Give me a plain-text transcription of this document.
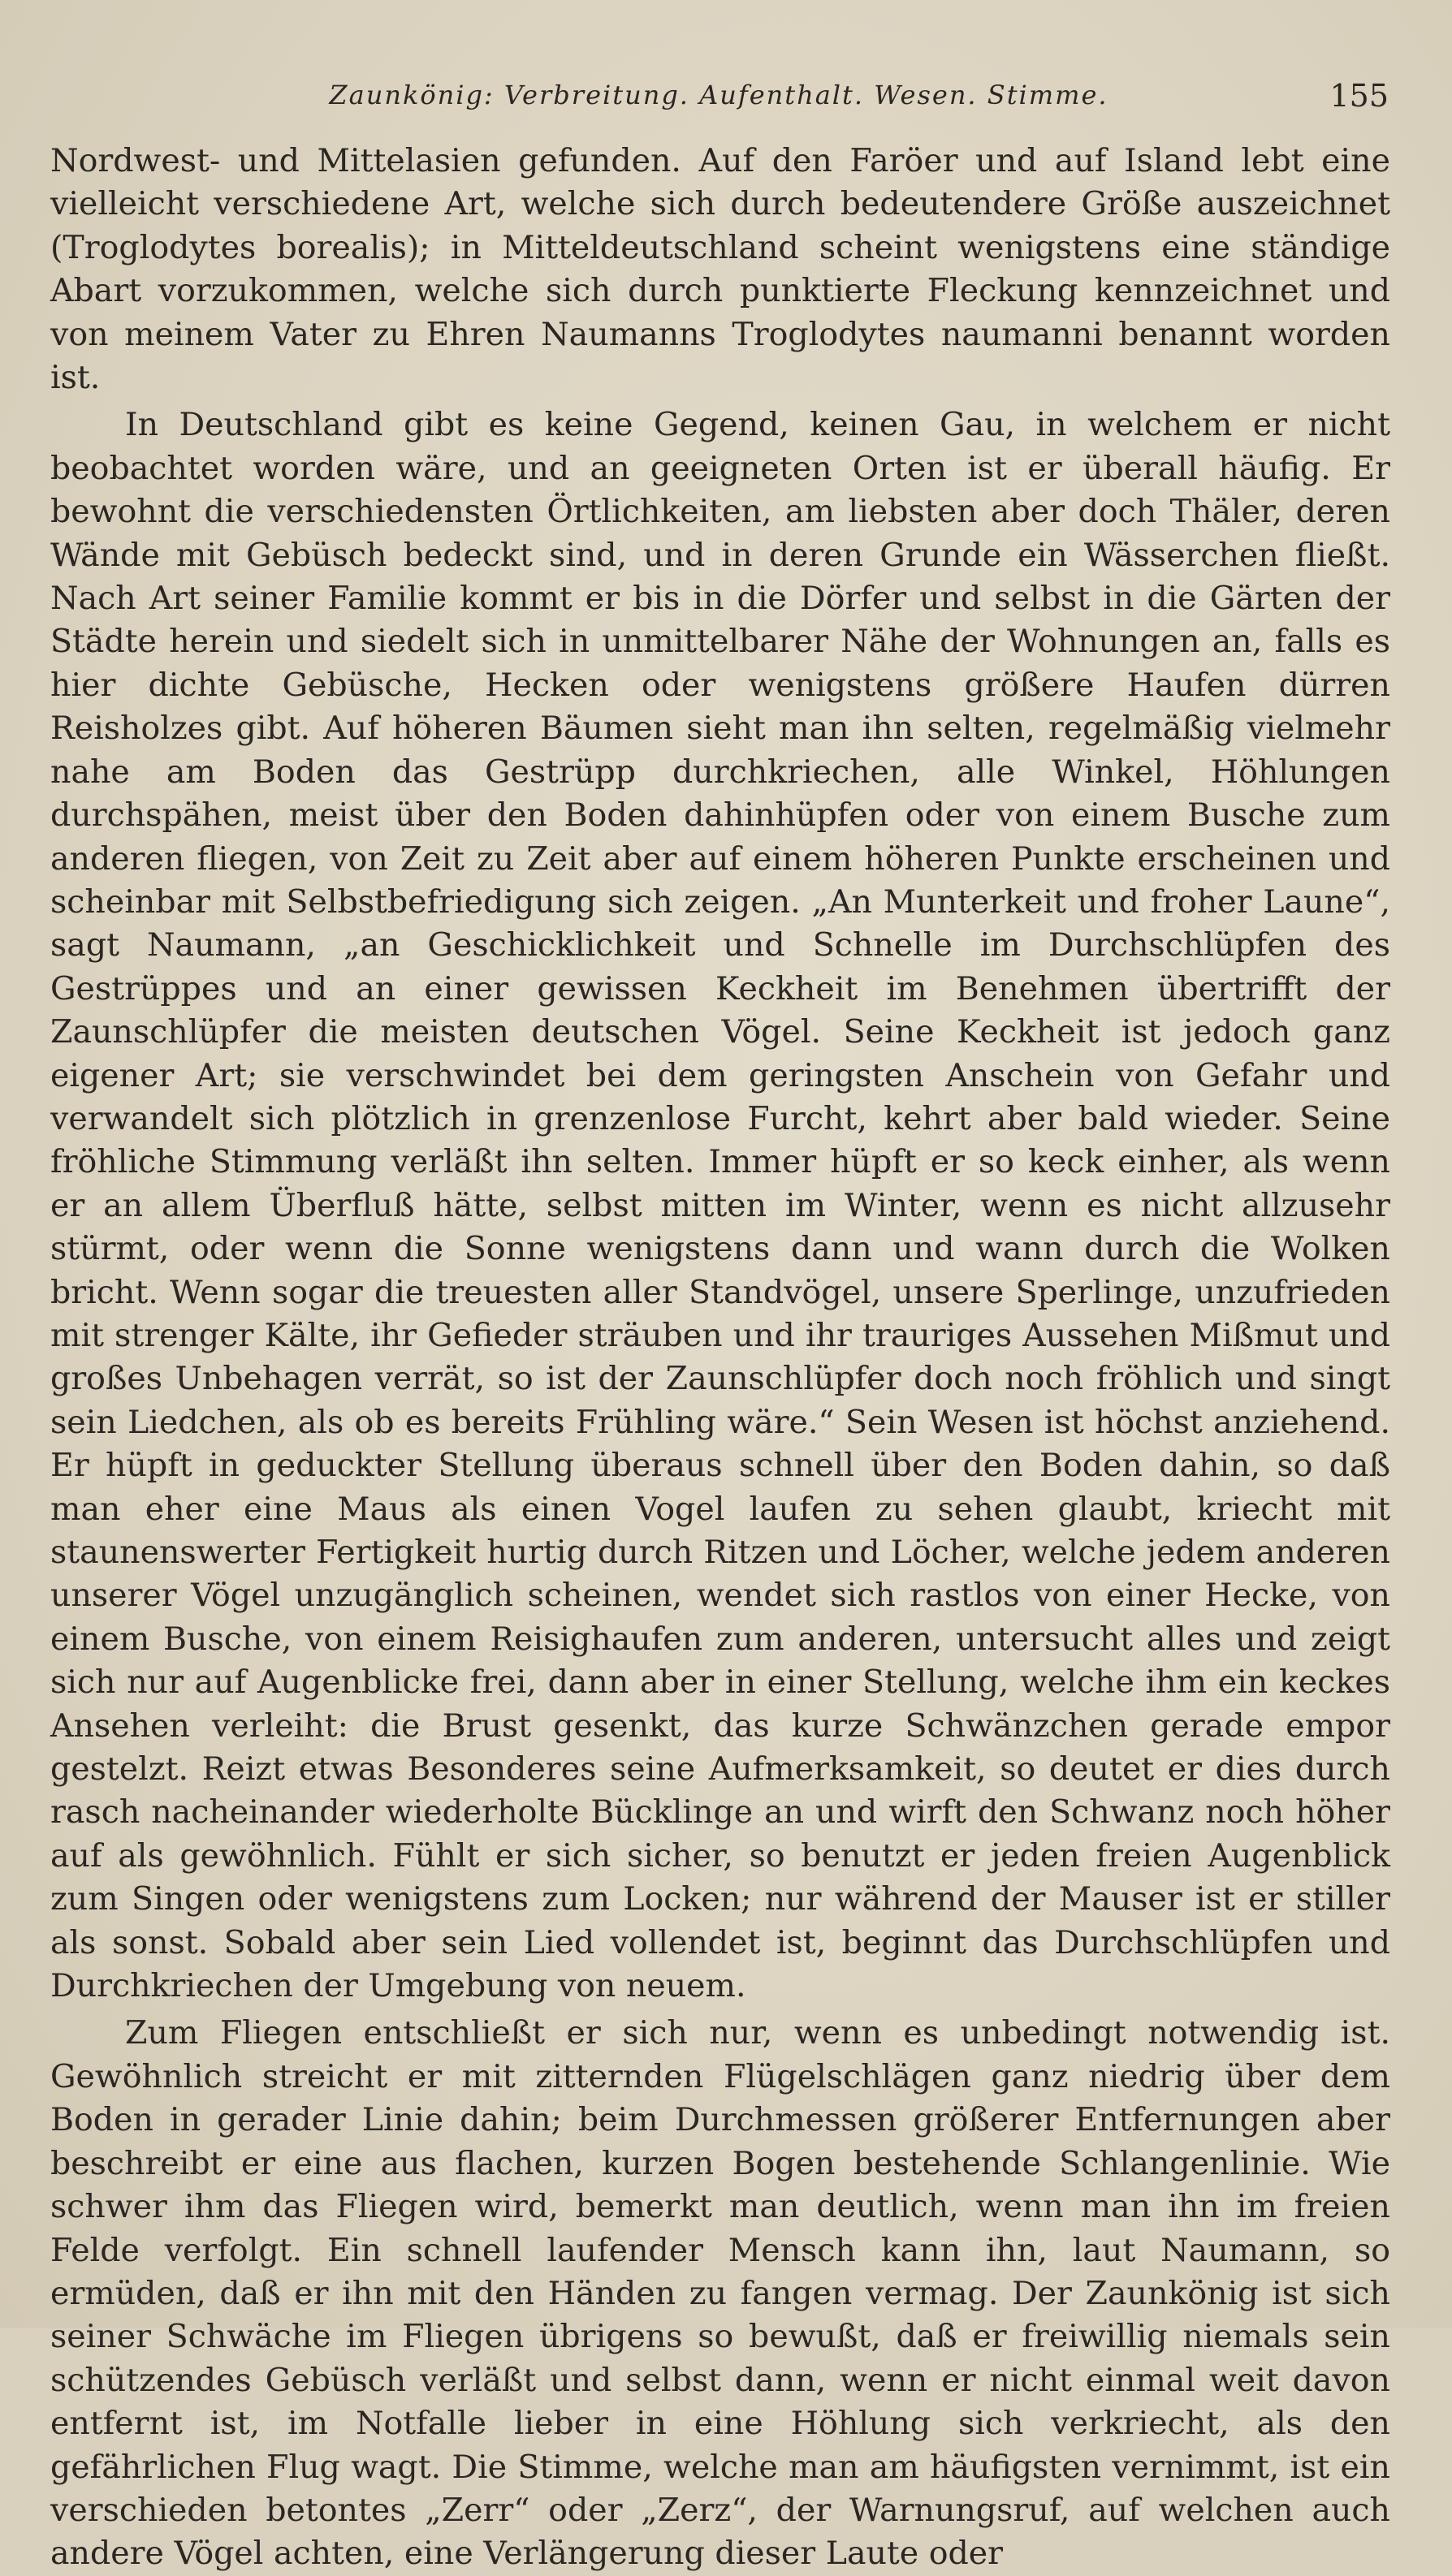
Zaunkönig: Verbreitung. Aufenthalt. Wesen. Stimme.	155

Nordwest- und Mittelasien gefunden. Auf den Faröer und auf Island lebt eine vielleicht verschiedene Art, welche sich durch bedeutendere Größe auszeichnet (Troglodytes borealis); in Mitteldeutschland scheint wenigstens eine ständige Abart vorzukommen, welche sich durch punktierte Fleckung kennzeichnet und von meinem Vater zu Ehren Naumanns Troglodytes naumanni benannt worden ist.

In Deutschland gibt es keine Gegend, keinen Gau, in welchem er nicht beobachtet worden wäre, und an geeigneten Orten ist er überall häufig. Er bewohnt die verschiedensten Örtlichkeiten, am liebsten aber doch Thäler, deren Wände mit Gebüsch bedeckt sind, und in deren Grunde ein Wässerchen fließt. Nach Art seiner Familie kommt er bis in die Dörfer und selbst in die Gärten der Städte herein und siedelt sich in unmittelbarer Nähe der Wohnungen an, falls es hier dichte Gebüsche, Hecken oder wenigstens größere Haufen dürren Reisholzes gibt. Auf höheren Bäumen sieht man ihn selten, regelmäßig vielmehr nahe am Boden das Gestrüpp durchkriechen, alle Winkel, Höhlungen durchspähen, meist über den Boden dahinhüpfen oder von einem Busche zum anderen fliegen, von Zeit zu Zeit aber auf einem höheren Punkte erscheinen und scheinbar mit Selbstbefriedigung sich zeigen. „An Munterkeit und froher Laune“, sagt Naumann, „an Geschicklichkeit und Schnelle im Durchschlüpfen des Gestrüppes und an einer gewissen Keckheit im Benehmen übertrifft der Zaunschlüpfer die meisten deutschen Vögel. Seine Keckheit ist jedoch ganz eigener Art; sie verschwindet bei dem geringsten Anschein von Gefahr und verwandelt sich plötzlich in grenzenlose Furcht, kehrt aber bald wieder. Seine fröhliche Stimmung verläßt ihn selten. Immer hüpft er so keck einher, als wenn er an allem Überfluß hätte, selbst mitten im Winter, wenn es nicht allzusehr stürmt, oder wenn die Sonne wenigstens dann und wann durch die Wolken bricht. Wenn sogar die treuesten aller Standvögel, unsere Sperlinge, unzufrieden mit strenger Kälte, ihr Gefieder sträuben und ihr trauriges Aussehen Mißmut und großes Unbehagen verrät, so ist der Zaunschlüpfer doch noch fröhlich und singt sein Liedchen, als ob es bereits Frühling wäre.“ Sein Wesen ist höchst anziehend. Er hüpft in geduckter Stellung überaus schnell über den Boden dahin, so daß man eher eine Maus als einen Vogel laufen zu sehen glaubt, kriecht mit staunenswerter Fertigkeit hurtig durch Ritzen und Löcher, welche jedem anderen unserer Vögel unzugänglich scheinen, wendet sich rastlos von einer Hecke, von einem Busche, von einem Reisighaufen zum anderen, untersucht alles und zeigt sich nur auf Augenblicke frei, dann aber in einer Stellung, welche ihm ein keckes Ansehen verleiht: die Brust gesenkt, das kurze Schwänzchen gerade empor gestelzt. Reizt etwas Besonderes seine Aufmerksamkeit, so deutet er dies durch rasch nacheinander wiederholte Bücklinge an und wirft den Schwanz noch höher auf als gewöhnlich. Fühlt er sich sicher, so benutzt er jeden freien Augenblick zum Singen oder wenigstens zum Locken; nur während der Mauser ist er stiller als sonst. Sobald aber sein Lied vollendet ist, beginnt das Durchschlüpfen und Durchkriechen der Umgebung von neuem.

Zum Fliegen entschließt er sich nur, wenn es unbedingt notwendig ist. Gewöhnlich streicht er mit zitternden Flügelschlägen ganz niedrig über dem Boden in gerader Linie dahin; beim Durchmessen größerer Entfernungen aber beschreibt er eine aus flachen, kurzen Bogen bestehende Schlangenlinie. Wie schwer ihm das Fliegen wird, bemerkt man deutlich, wenn man ihn im freien Felde verfolgt. Ein schnell laufender Mensch kann ihn, laut Naumann, so ermüden, daß er ihn mit den Händen zu fangen vermag. Der Zaunkönig ist sich seiner Schwäche im Fliegen übrigens so bewußt, daß er freiwillig niemals sein schützendes Gebüsch verläßt und selbst dann, wenn er nicht einmal weit davon entfernt ist, im Notfalle lieber in eine Höhlung sich verkriecht, als den gefährlichen Flug wagt. Die Stimme, welche man am häufigsten vernimmt, ist ein verschieden betontes „Zerr“ oder „Zerz“, der Warnungsruf, auf welchen auch andere Vögel achten, eine Verlängerung dieser Laute oder
